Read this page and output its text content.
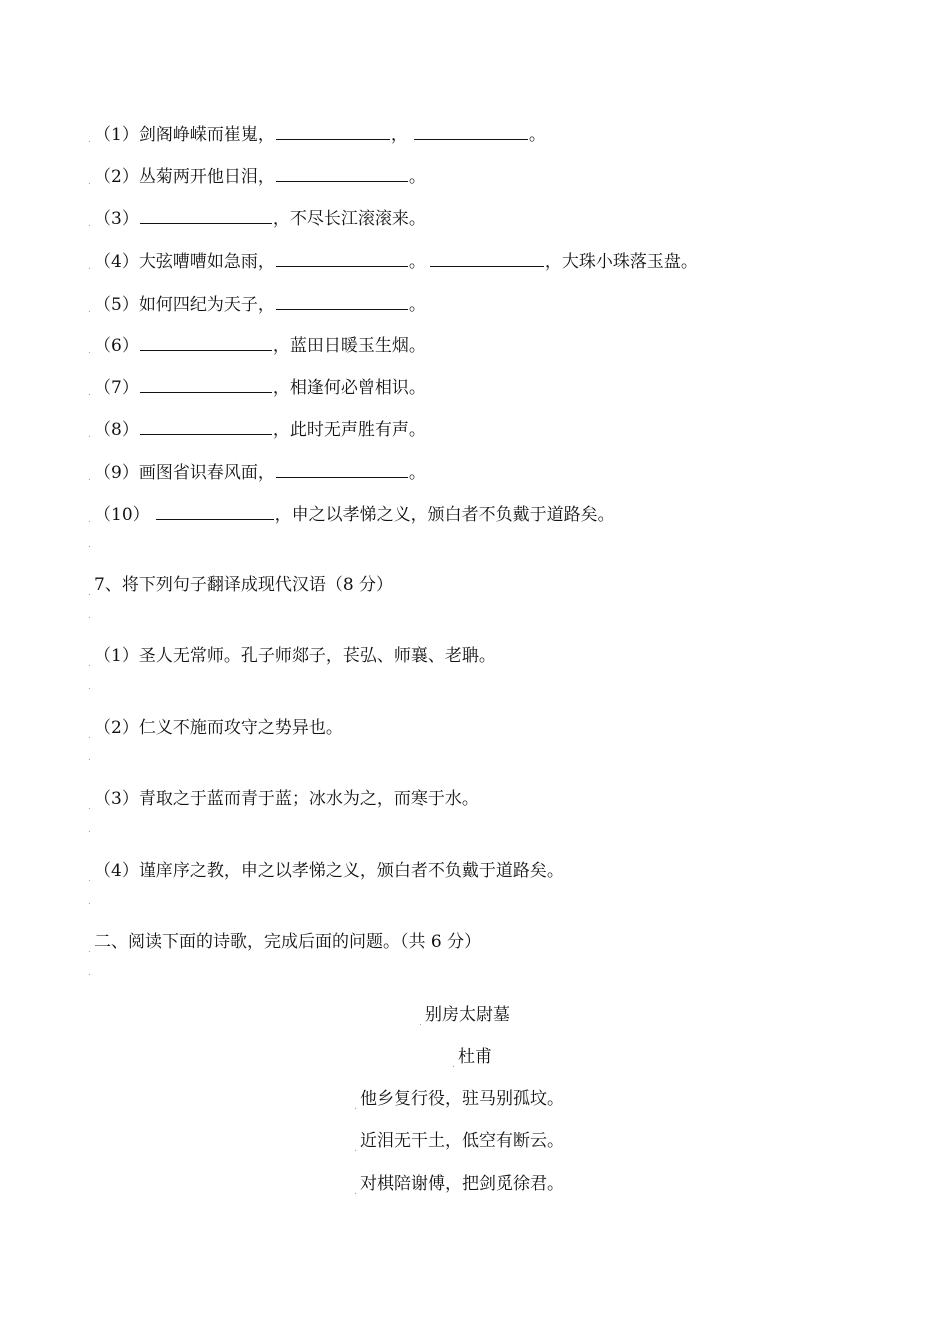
. （1）剑阁峥嵘而崔嵬，	，	。
. （2）丛菊两开他日泪，	。
. （3）	，不尽长江滚滚来。
. （4）大弦嘈嘈如急雨，	。	，大珠小珠落玉盘。
. （5）如何四纪为天子，	。
. （6）	，蓝田日暖玉生烟。
. （7）	，相逢何必曾相识。
. （8）	，此时无声胜有声。
. （9）画图省识春风面，	。
. （10）	，申之以孝悌之义，颁白者不负戴于道路矣。
.
. 7、将下列句子翻译成现代汉语（8 分）
.
. （1）圣人无常师。孔子师郯子，苌弘、师襄、老聃。
.
. （2）仁义不施而攻守之势异也。
.
. （3）青取之于蓝而青于蓝；冰水为之，而寒于水。
.
. （4）谨庠序之教，申之以孝悌之义，颁白者不负戴于道路矣。
.
. 二、阅读下面的诗歌，完成后面的问题。（共 6 分）
.
. 别房太尉墓
. 杜甫
. 他乡复行役，驻马别孤坟。
. 近泪无干土，低空有断云。
. 对棋陪谢傅，把剑觅徐君。
